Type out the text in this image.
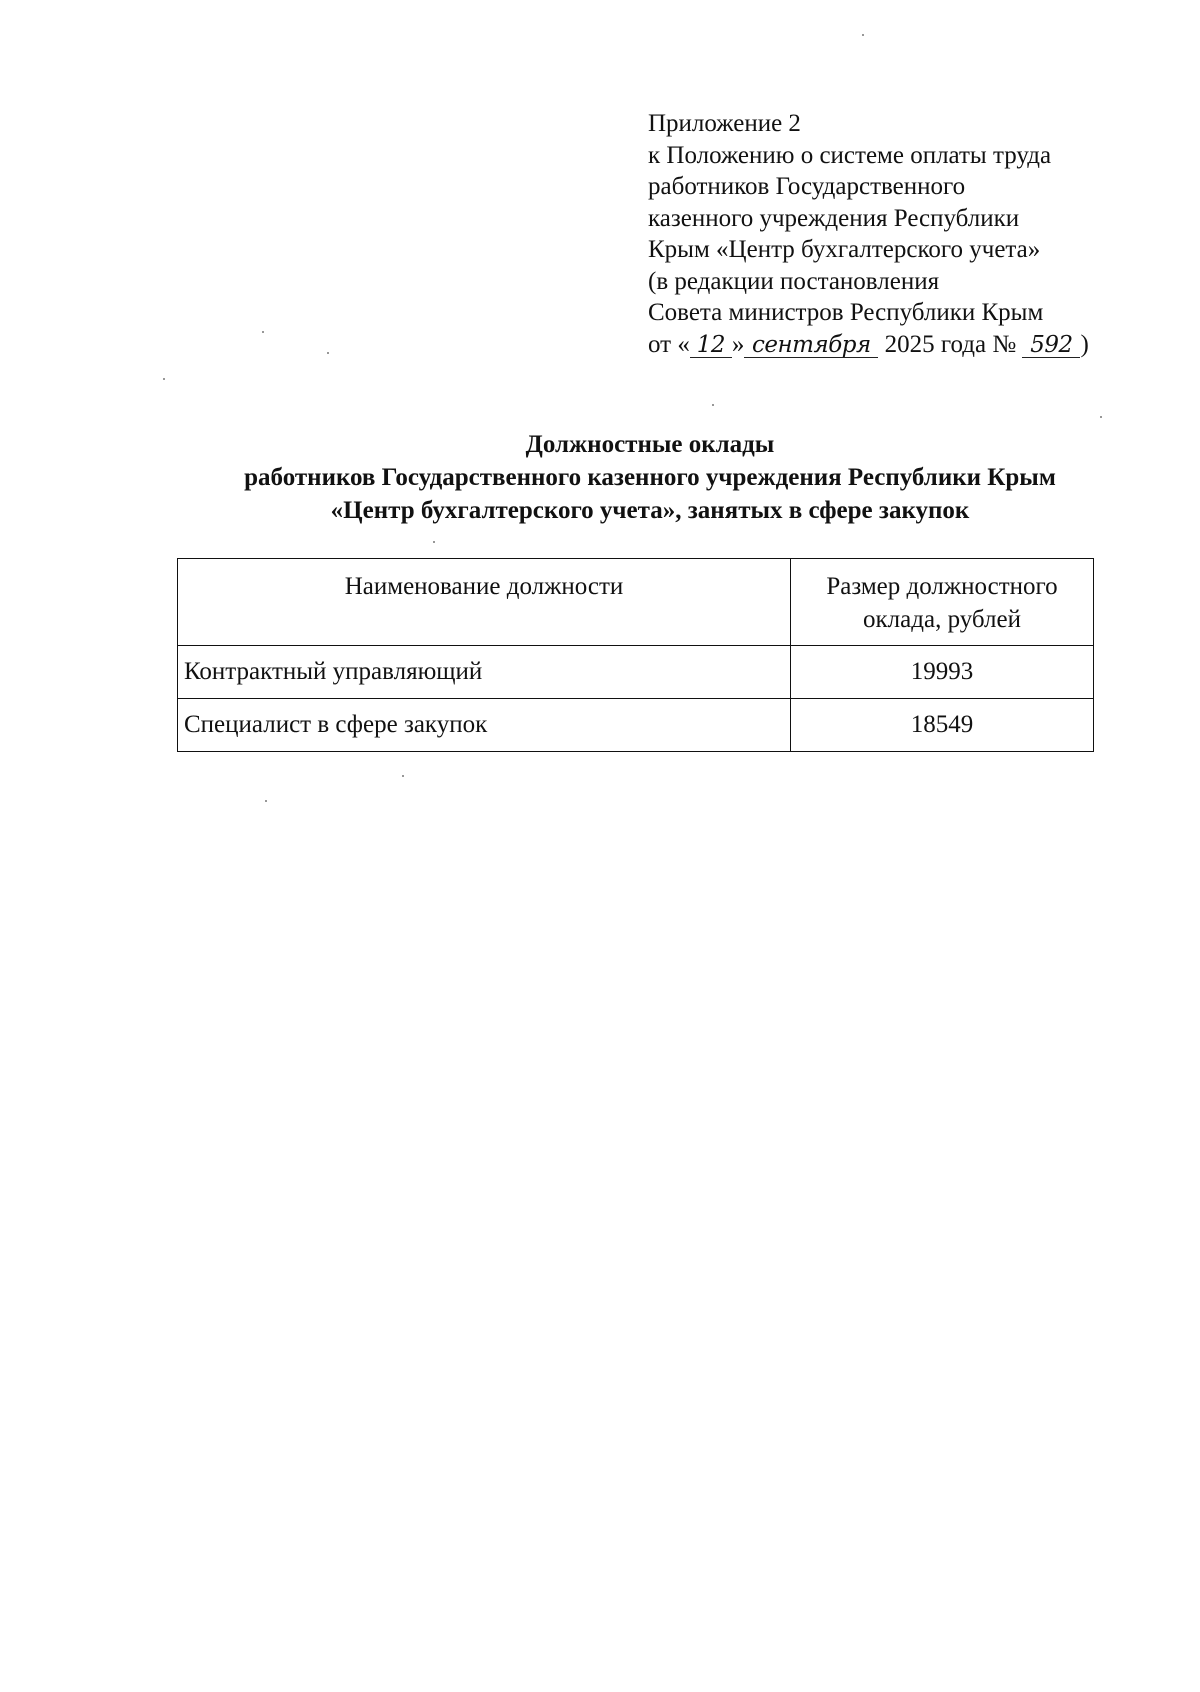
Приложение 2
к Положению о системе оплаты труда
работников Государственного
казенного учреждения Республики
Крым «Центр бухгалтерского учета»
(в редакции постановления
Совета министров Республики Крым
от « 12 » сентября 2025 года № 592 )
Должностные оклады
работников Государственного казенного учреждения Республики Крым
«Центр бухгалтерского учета», занятых в сфере закупок
Наименование должности	Размер должностного оклада, рублей
Контрактный управляющий	19993
Специалист в сфере закупок	18549
